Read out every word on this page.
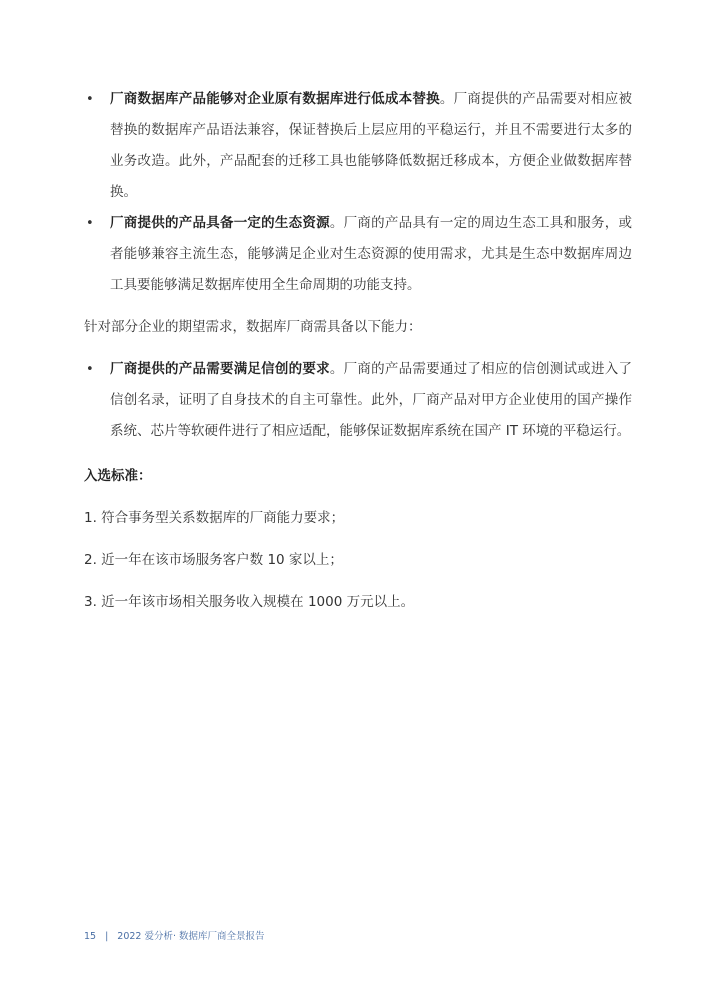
• 厂商数据库产品能够对企业原有数据库进行低成本替换。厂商提供的产品需要对相应被替换的数据库产品语法兼容，保证替换后上层应用的平稳运行，并且不需要进行太多的业务改造。此外，产品配套的迁移工具也能够降低数据迁移成本，方便企业做数据库替换。
• 厂商提供的产品具备一定的生态资源。厂商的产品具有一定的周边生态工具和服务，或者能够兼容主流生态，能够满足企业对生态资源的使用需求，尤其是生态中数据库周边工具要能够满足数据库使用全生命周期的功能支持。

针对部分企业的期望需求，数据库厂商需具备以下能力：

• 厂商提供的产品需要满足信创的要求。厂商的产品需要通过了相应的信创测试或进入了信创名录，证明了自身技术的自主可靠性。此外，厂商产品对甲方企业使用的国产操作系统、芯片等软硬件进行了相应适配，能够保证数据库系统在国产 IT 环境的平稳运行。

入选标准：

1. 符合事务型关系数据库的厂商能力要求；

2. 近一年在该市场服务客户数 10 家以上；

3. 近一年该市场相关服务收入规模在 1000 万元以上。

15 | 2022 爱分析· 数据库厂商全景报告
